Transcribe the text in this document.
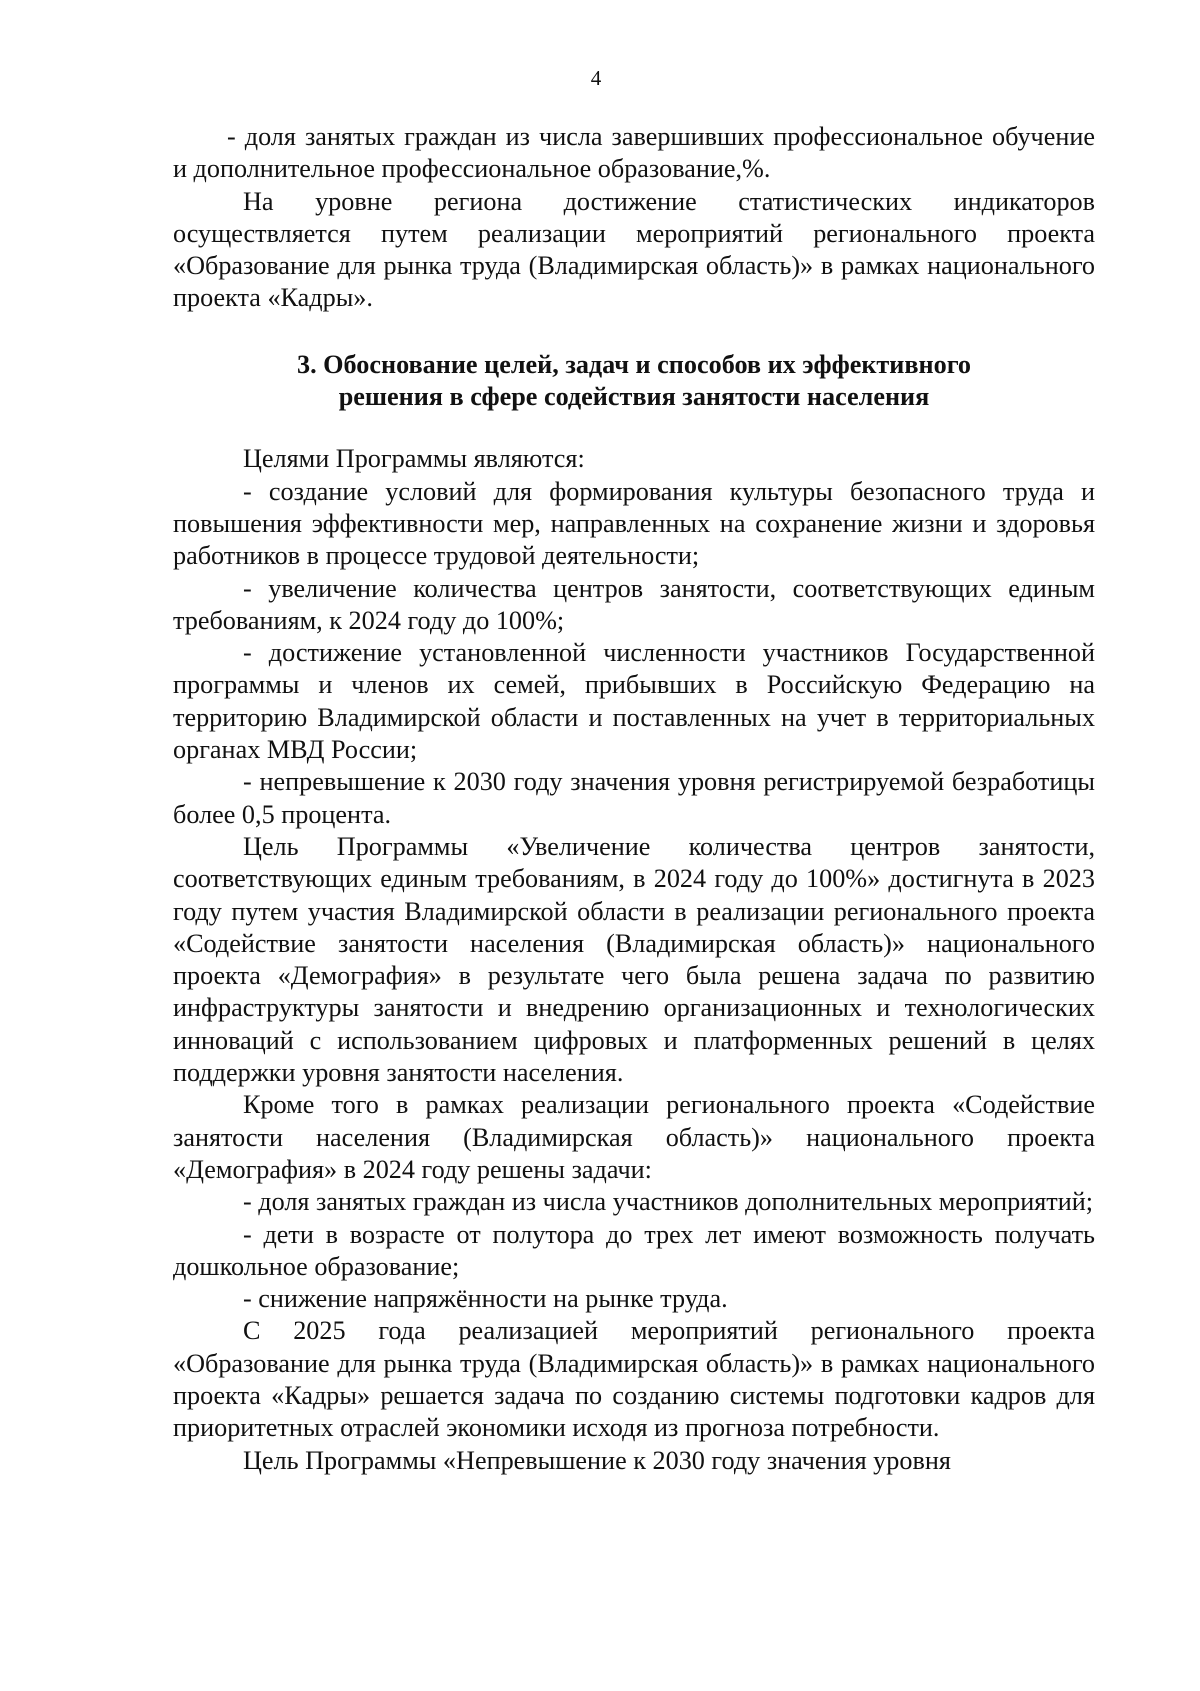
4

- доля занятых граждан из числа завершивших профессиональное обучение и дополнительное профессиональное образование,%.

На уровне региона достижение статистических индикаторов осуществляется путем реализации мероприятий регионального проекта «Образование для рынка труда (Владимирская область)» в рамках национального проекта «Кадры».

3. Обоснование целей, задач и способов их эффективного
решения в сфере содействия занятости населения

Целями Программы являются:

- создание условий для формирования культуры безопасного труда и повышения эффективности мер, направленных на сохранение жизни и здоровья работников в процессе трудовой деятельности;

- увеличение количества центров занятости, соответствующих единым требованиям, к 2024 году до 100%;

- достижение установленной численности участников Государственной программы и членов их семей, прибывших в Российскую Федерацию на территорию Владимирской области и поставленных на учет в территориальных органах МВД России;

- непревышение к 2030 году значения уровня регистрируемой безработицы более 0,5 процента.

Цель Программы «Увеличение количества центров занятости, соответствующих единым требованиям, в 2024 году до 100%» достигнута в 2023 году путем участия Владимирской области в реализации регионального проекта «Содействие занятости населения (Владимирская область)» национального проекта «Демография» в результате чего была решена задача по развитию инфраструктуры занятости и внедрению организационных и технологических инноваций с использованием цифровых и платформенных решений в целях поддержки уровня занятости населения.

Кроме того в рамках реализации регионального проекта «Содействие занятости населения (Владимирская область)» национального проекта «Демография» в 2024 году решены задачи:

- доля занятых граждан из числа участников дополнительных мероприятий;

- дети в возрасте от полутора до трех лет имеют возможность получать дошкольное образование;

- снижение напряжённости на рынке труда.

С 2025 года реализацией мероприятий регионального проекта «Образование для рынка труда (Владимирская область)» в рамках национального проекта «Кадры» решается задача по созданию системы подготовки кадров для приоритетных отраслей экономики исходя из прогноза потребности.

Цель Программы «Непревышение к 2030 году значения уровня
